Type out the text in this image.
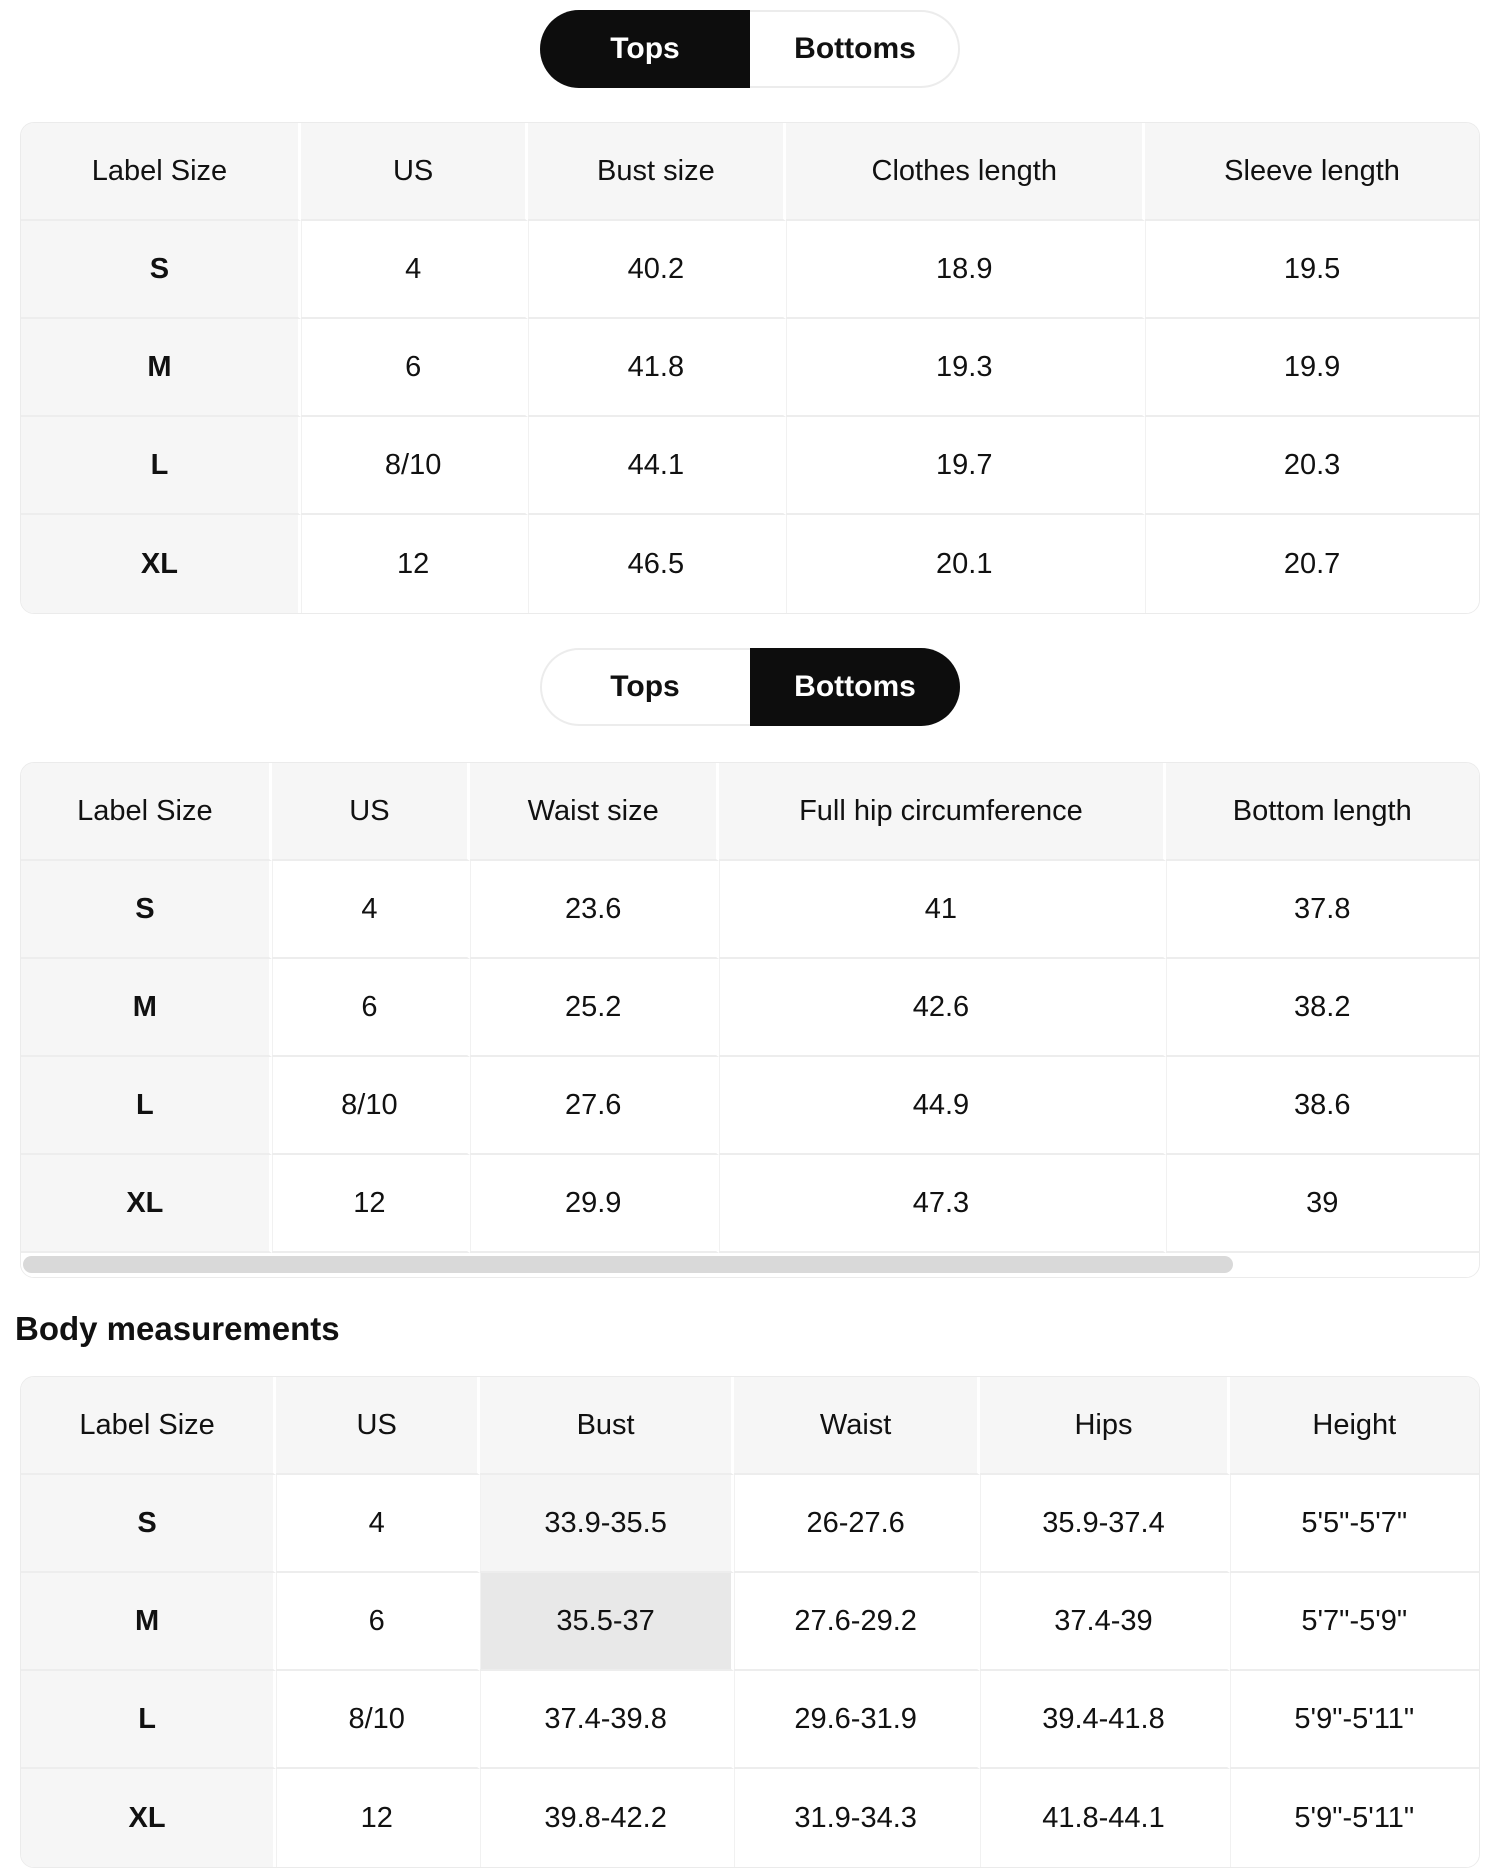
Tops	Bottoms
Label Size	US	Bust size	Clothes length	Sleeve length
S	4	40.2	18.9	19.5
M	6	41.8	19.3	19.9
L	8/10	44.1	19.7	20.3
XL	12	46.5	20.1	20.7
Tops	Bottoms
Label Size	US	Waist size	Full hip circumference	Bottom length
S	4	23.6	41	37.8
M	6	25.2	42.6	38.2
L	8/10	27.6	44.9	38.6
XL	12	29.9	47.3	39
Body measurements
Label Size	US	Bust	Waist	Hips	Height
S	4	33.9-35.5	26-27.6	35.9-37.4	5'5"-5'7"
M	6	35.5-37	27.6-29.2	37.4-39	5'7"-5'9"
L	8/10	37.4-39.8	29.6-31.9	39.4-41.8	5'9"-5'11"
XL	12	39.8-42.2	31.9-34.3	41.8-44.1	5'9"-5'11"
